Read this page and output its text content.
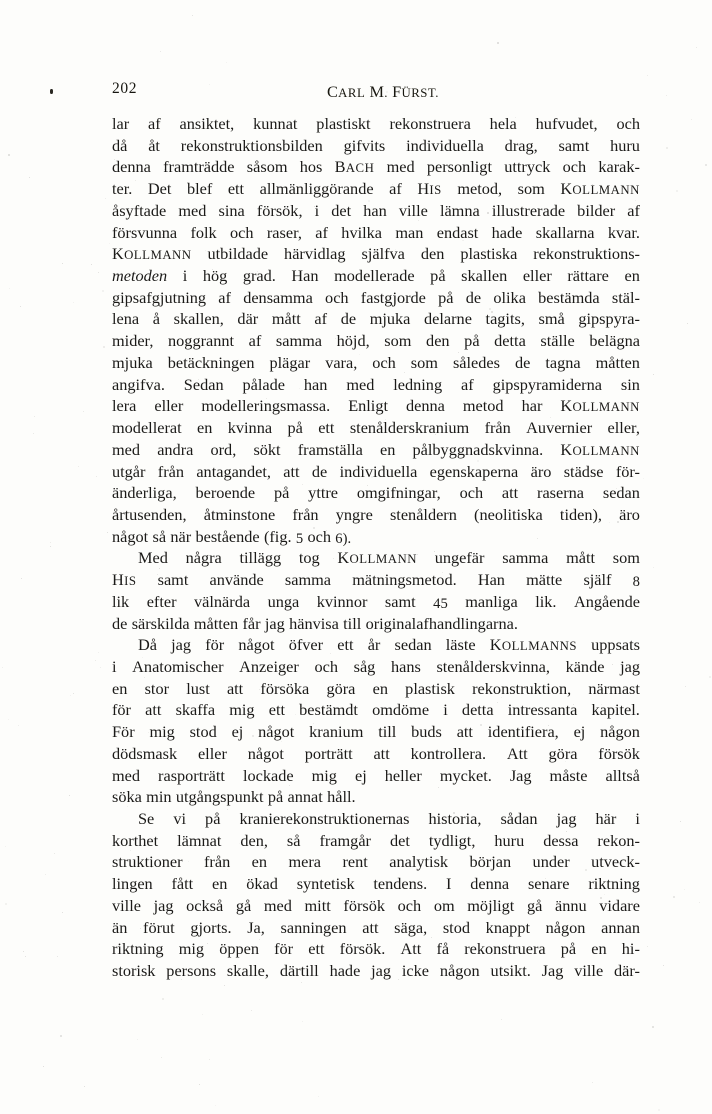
202	CARL M. FÜRST.
lar af ansiktet, kunnat plastiskt rekonstruera hela hufvudet, och
då åt rekonstruktionsbilden gifvits individuella drag, samt huru
denna framträdde såsom hos BACH med personligt uttryck och karak-
ter. Det blef ett allmänliggörande af HIS metod, som KOLLMANN
åsyftade med sina försök, i det han ville lämna illustrerade bilder af
försvunna folk och raser, af hvilka man endast hade skallarna kvar.
KOLLMANN utbildade härvidlag själfva den plastiska rekonstruktions-
metoden i hög grad. Han modellerade på skallen eller rättare en
gipsafgjutning af densamma och fastgjorde på de olika bestämda stäl-
lena å skallen, där mått af de mjuka delarne tagits, små gipspyra-
mider, noggrannt af samma höjd, som den på detta ställe belägna
mjuka betäckningen plägar vara, och som således de tagna måtten
angifva. Sedan pålade han med ledning af gipspyramiderna sin
lera eller modelleringsmassa. Enligt denna metod har KOLLMANN
modellerat en kvinna på ett stenålderskranium från Auvernier eller,
med andra ord, sökt framställa en pålbyggnadskvinna. KOLLMANN
utgår från antagandet, att de individuella egenskaperna äro städse för-
änderliga, beroende på yttre omgifningar, och att raserna sedan
årtusenden, åtminstone från yngre stenåldern (neolitiska tiden), äro
något så när bestående (fig. 5 och 6).
Med några tillägg tog KOLLMANN ungefär samma mått som
HIS samt använde samma mätningsmetod. Han mätte själf 8
lik efter välnärda unga kvinnor samt 45 manliga lik. Angående
de särskilda måtten får jag hänvisa till originalafhandlingarna.
Då jag för något öfver ett år sedan läste KOLLMANNS uppsats
i Anatomischer Anzeiger och såg hans stenålderskvinna, kände jag
en stor lust att försöka göra en plastisk rekonstruktion, närmast
för att skaffa mig ett bestämdt omdöme i detta intressanta kapitel.
För mig stod ej något kranium till buds att identifiera, ej någon
dödsmask eller något porträtt att kontrollera. Att göra försök
med rasporträtt lockade mig ej heller mycket. Jag måste alltså
söka min utgångspunkt på annat håll.
Se vi på kranierekonstruktionernas historia, sådan jag här i
korthet lämnat den, så framgår det tydligt, huru dessa rekon-
struktioner från en mera rent analytisk början under utveck-
lingen fått en ökad syntetisk tendens. I denna senare riktning
ville jag också gå med mitt försök och om möjligt gå ännu vidare
än förut gjorts. Ja, sanningen att säga, stod knappt någon annan
riktning mig öppen för ett försök. Att få rekonstruera på en hi-
storisk persons skalle, därtill hade jag icke någon utsikt. Jag ville där-
